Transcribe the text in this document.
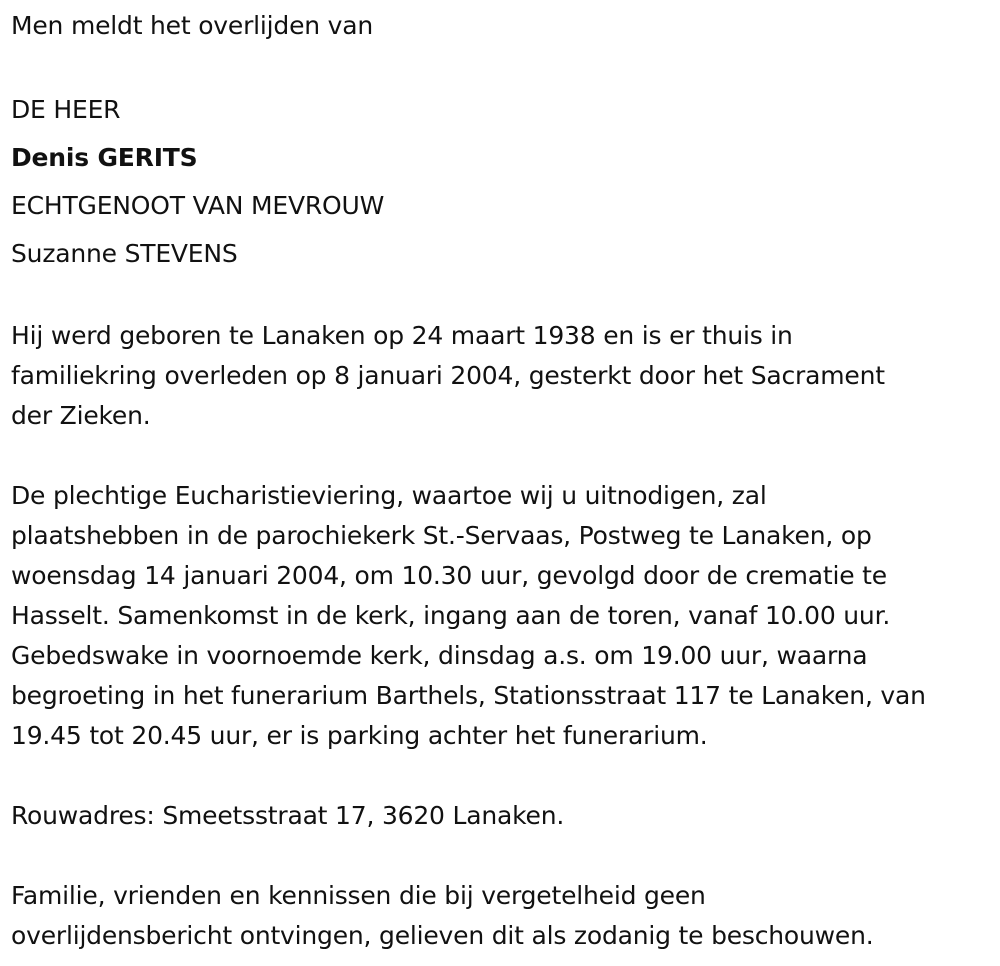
Men meldt het overlijden van
DE HEER
Denis GERITS
ECHTGENOOT VAN MEVROUW
Suzanne STEVENS
Hij werd geboren te Lanaken op 24 maart 1938 en is er thuis in
familiekring overleden op 8 januari 2004, gesterkt door het Sacrament
der Zieken.
De plechtige Eucharistieviering, waartoe wij u uitnodigen, zal
plaatshebben in de parochiekerk St.-Servaas, Postweg te Lanaken, op
woensdag 14 januari 2004, om 10.30 uur, gevolgd door de crematie te
Hasselt. Samenkomst in de kerk, ingang aan de toren, vanaf 10.00 uur.
Gebedswake in voornoemde kerk, dinsdag a.s. om 19.00 uur, waarna
begroeting in het funerarium Barthels, Stationsstraat 117 te Lanaken, van
19.45 tot 20.45 uur, er is parking achter het funerarium.
Rouwadres: Smeetsstraat 17, 3620 Lanaken.
Familie, vrienden en kennissen die bij vergetelheid geen
overlijdensbericht ontvingen, gelieven dit als zodanig te beschouwen.
